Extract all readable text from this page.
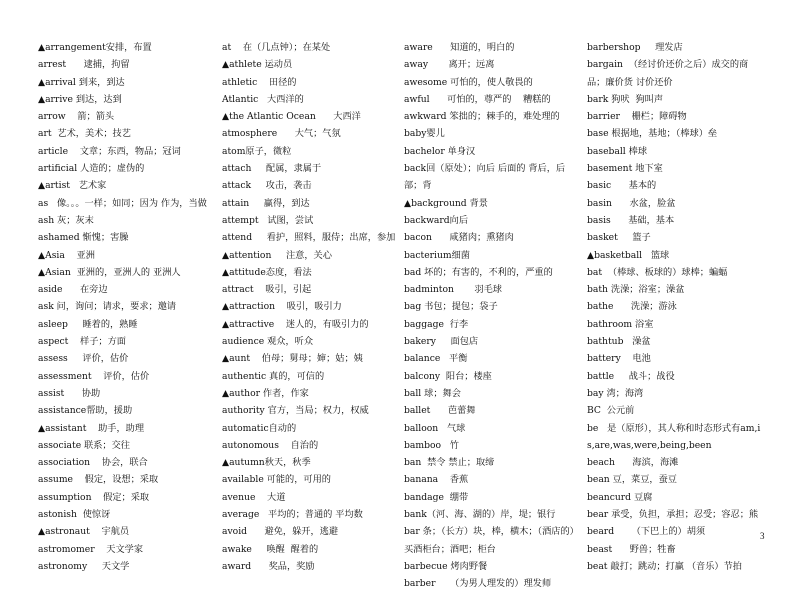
▲arrangement安排，布置
arrest      逮捕，拘留
▲arrival 到来，到达
▲arrive 到达，达到
arrow    箭；箭头
art  艺术，美术；技艺
article    文章；东西，物品；冠词
artificial 人造的；虚伪的
▲artist   艺术家
as   像。。。一样；如同；因为 作为，当做
ash 灰；灰末
ashamed 惭愧；害臊
▲Asia    亚洲
▲Asian  亚洲的，亚洲人的 亚洲人
aside      在旁边
ask 问，询问；请求，要求；邀请
asleep     睡着的，熟睡
aspect    样子；方面
assess     评价，估价
assessment    评价，估价
assist      协助
assistance帮助，援助
▲assistant    助手，助理
associate 联系；交往
association    协会，联合
assume    假定，设想；采取
assumption    假定；采取
astonish  使惊讶
▲astronaut    宇航员
astromomer    天文学家
astronomy     天文学
at    在（几点钟）；在某处
▲athlete 运动员
athletic    田径的
Atlantic   大西洋的
▲the Atlantic Ocean      大西洋
atmosphere      大气；气氛
atom原子，微粒
attach     配属，隶属于
attack     攻击，袭击
attain     赢得，到达
attempt   试图，尝试
attend     看护，照料，服侍；出席，参加
▲attention     注意，关心
▲attitude态度，看法
attract    吸引，引起
▲attraction    吸引，吸引力
▲attractive    迷人的，有吸引力的
audience 观众，听众
▲aunt    伯母；舅母；婶；姑；姨
authentic 真的，可信的
▲author 作者，作家
authority 官方，当局；权力，权威
automatic自动的
autonomous    自治的
▲autumn秋天，秋季
available 可能的，可用的
avenue    大道
average   平均的；普通的 平均数
avoid      避免，躲开，逃避
awake     唤醒  醒着的
award      奖品，奖励
aware      知道的，明白的
away       离开；远离
awesome 可怕的，使人敬畏的
awful      可怕的，尊严的    糟糕的
awkward 笨拙的；棘手的，难处理的
baby婴儿
bachelor 单身汉
back回（原处）；向后 后面的 背后，后部；背
▲background 背景
backward向后
bacon      咸猪肉；熏猪肉
bacterium细菌
bad 坏的；有害的，不利的，严重的
badminton       羽毛球
bag 书包；提包；袋子
baggage  行李
bakery     面包店
balance   平衡
balcony  阳台；楼座
ball 球；舞会
ballet      芭蕾舞
balloon   气球
bamboo   竹
ban  禁令 禁止；取缔
banana    香蕉
bandage  绷带
bank（河、海、湖的）岸，堤；银行
bar 条；（长方）块，棒，横木；（酒店的）买酒柜台；酒吧；柜台
barbecue 烤肉野餐
barber     （为男人理发的）理发师
barbershop     理发店
bargain  （经讨价还价之后）成交的商品；廉价货 讨价还价
bark 狗吠  狗叫声
barrier    栅栏；障碍物
base 根据地，基地；（棒球）垒
baseball 棒球
basement 地下室
basic      基本的
basin      水盆，脸盆
basis      基础，基本
basket     篮子
▲basketball   篮球
bat  （棒球、板球的）球棒；蝙蝠
bath 洗澡；浴室；澡盆
bathe      洗澡；游泳
bathroom 浴室
bathtub   澡盆
battery    电池
battle     战斗；战役
bay 湾；海湾
BC  公元前
be   是（原形），其人称和时态形式有am,is,are,was,were,being,been
beach      海滨，海滩
bean 豆，菜豆，蚕豆
beancurd 豆腐
bear 承受，负担，承担；忍受；容忍；熊
beard      （下巴上的）胡须
beast      野兽；牲畜
beat 敲打；跳动；打赢 （音乐）节拍
3
